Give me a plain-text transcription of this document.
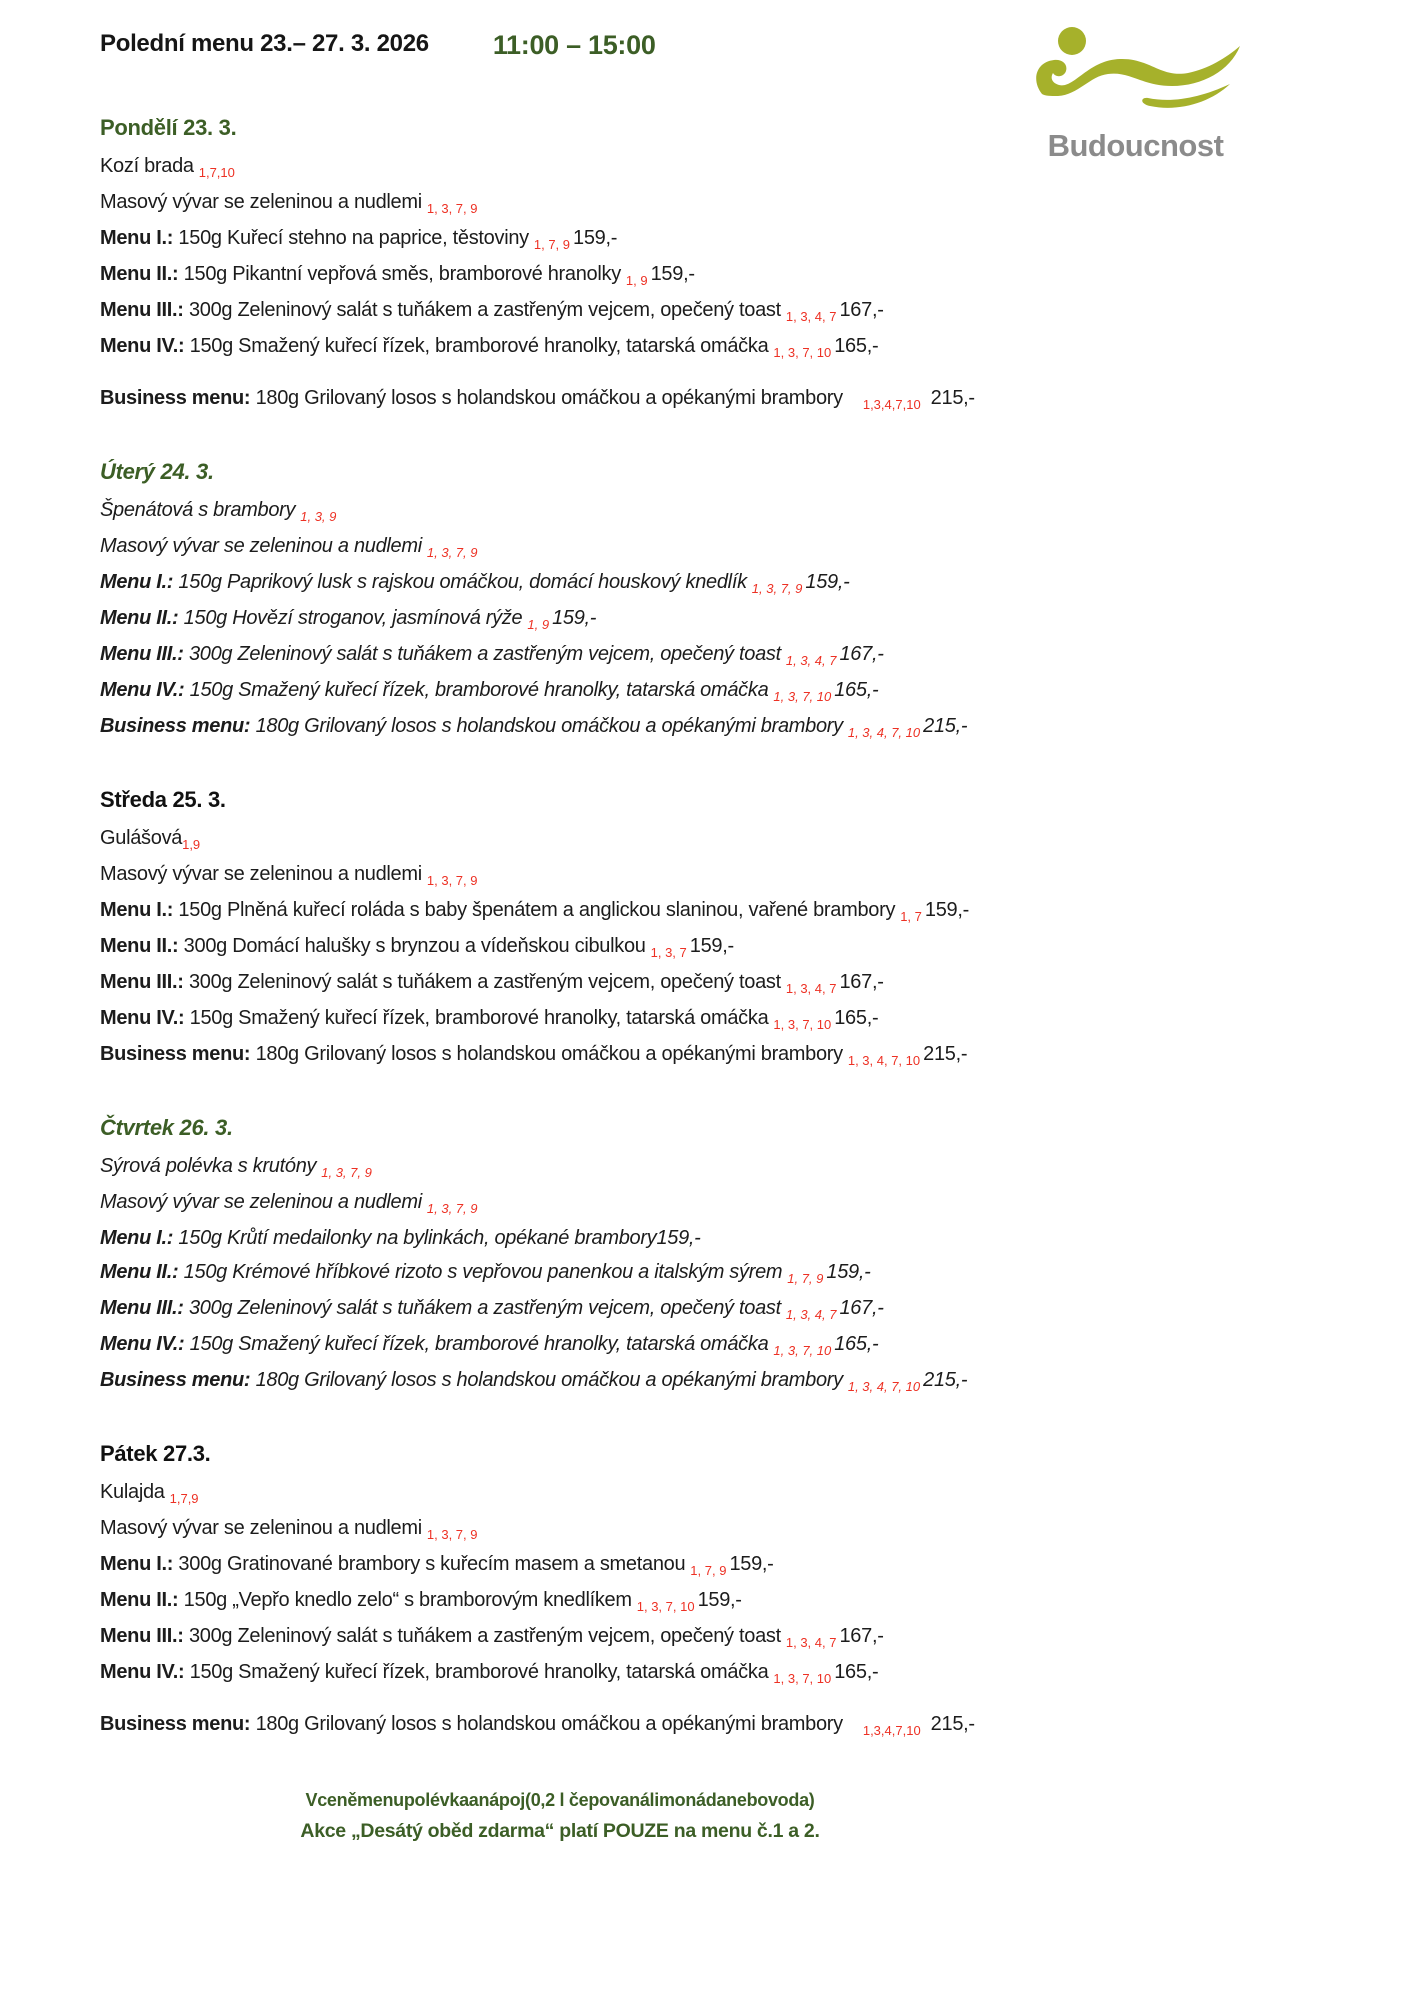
Polední menu 23.– 27. 3. 2026 11:00 – 15:00
Budoucnost
Pondělí 23. 3.
Kozí brada $_{1,7,10}$
Masový vývar se zeleninou a nudlemi $_{1, 3, 7, 9}$
Menu I.: 150g Kuřecí stehno na paprice, těstoviny $_{1, 7, 9}$ 159,-
Menu II.: 150g Pikantní vepřová směs, bramborové hranolky $_{1, 9}$ 159,-
Menu III.: 300g Zeleninový salát s tuňákem a zastřeným vejcem, opečený toast $_{1, 3, 4, 7}$ 167,-
Menu IV.: 150g Smažený kuřecí řízek, bramborové hranolky, tatarská omáčka $_{1, 3, 7, 10}$ 165,-
Business menu: 180g Grilovaný losos s holandskou omáčkou a opékanými brambory $_{1,3,4,7,10}$ 215,-
Úterý 24. 3.
Špenátová s brambory $_{1, 3, 9}$
Masový vývar se zeleninou a nudlemi $_{1, 3, 7, 9}$
Menu I.: 150g Paprikový lusk s rajskou omáčkou, domácí houskový knedlík $_{1, 3, 7, 9}$ 159,-
Menu II.: 150g Hovězí stroganov, jasmínová rýže $_{1, 9}$ 159,-
Menu III.: 300g Zeleninový salát s tuňákem a zastřeným vejcem, opečený toast $_{1, 3, 4, 7}$ 167,-
Menu IV.: 150g Smažený kuřecí řízek, bramborové hranolky, tatarská omáčka $_{1, 3, 7, 10}$ 165,-
Business menu: 180g Grilovaný losos s holandskou omáčkou a opékanými brambory $_{1, 3, 4, 7, 10}$ 215,-
Středa 25. 3.
Gulášová$_{1,9}$
Masový vývar se zeleninou a nudlemi $_{1, 3, 7, 9}$
Menu I.: 150g Plněná kuřecí roláda s baby špenátem a anglickou slaninou, vařené brambory $_{1, 7}$ 159,-
Menu II.: 300g Domácí halušky s brynzou a vídeňskou cibulkou $_{1, 3, 7}$ 159,-
Menu III.: 300g Zeleninový salát s tuňákem a zastřeným vejcem, opečený toast $_{1, 3, 4, 7}$ 167,-
Menu IV.: 150g Smažený kuřecí řízek, bramborové hranolky, tatarská omáčka $_{1, 3, 7, 10}$ 165,-
Business menu: 180g Grilovaný losos s holandskou omáčkou a opékanými brambory $_{1, 3, 4, 7, 10}$ 215,-
Čtvrtek 26. 3.
Sýrová polévka s krutóny $_{1, 3, 7, 9}$
Masový vývar se zeleninou a nudlemi $_{1, 3, 7, 9}$
Menu I.: 150g Krůtí medailonky na bylinkách, opékané brambory159,-
Menu II.: 150g Krémové hříbkové rizoto s vepřovou panenkou a italským sýrem $_{1, 7, 9}$ 159,-
Menu III.: 300g Zeleninový salát s tuňákem a zastřeným vejcem, opečený toast $_{1, 3, 4, 7}$ 167,-
Menu IV.: 150g Smažený kuřecí řízek, bramborové hranolky, tatarská omáčka $_{1, 3, 7, 10}$ 165,-
Business menu: 180g Grilovaný losos s holandskou omáčkou a opékanými brambory $_{1, 3, 4, 7, 10}$ 215,-
Pátek 27.3.
Kulajda $_{1,7,9}$
Masový vývar se zeleninou a nudlemi $_{1, 3, 7, 9}$
Menu I.: 300g Gratinované brambory s kuřecím masem a smetanou $_{1, 7, 9}$ 159,-
Menu II.: 150g „Vepřo knedlo zelo“ s bramborovým knedlíkem $_{1, 3, 7, 10}$ 159,-
Menu III.: 300g Zeleninový salát s tuňákem a zastřeným vejcem, opečený toast $_{1, 3, 4, 7}$ 167,-
Menu IV.: 150g Smažený kuřecí řízek, bramborové hranolky, tatarská omáčka $_{1, 3, 7, 10}$ 165,-
Business menu: 180g Grilovaný losos s holandskou omáčkou a opékanými brambory $_{1,3,4,7,10}$ 215,-
Vceněmenupolévkaanápoj(0,2 l čepovanálimonádanebovoda)
Akce „Desátý oběd zdarma“ platí POUZE na menu č.1 a 2.
